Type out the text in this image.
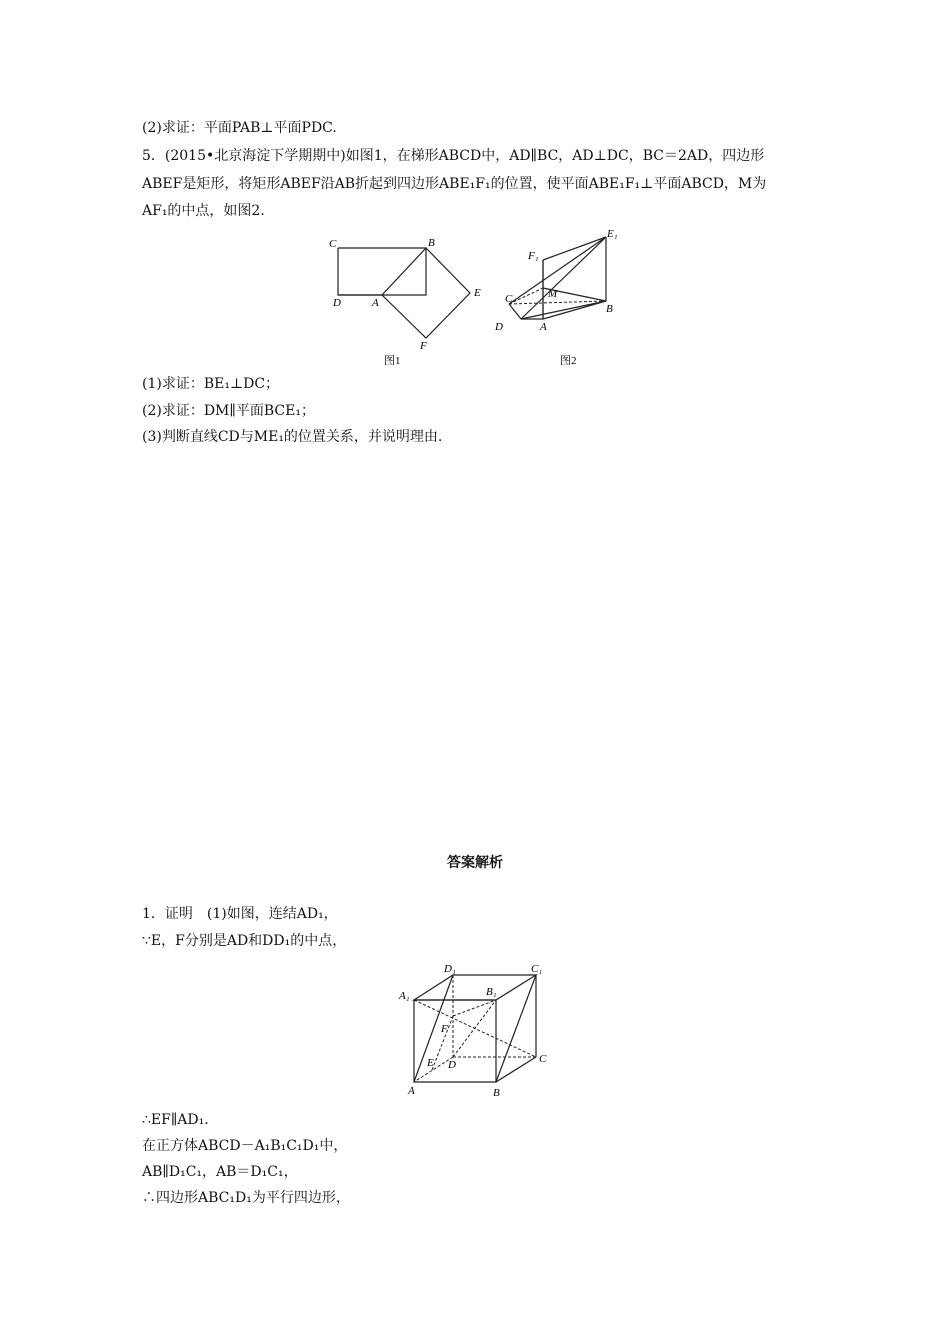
(2)求证：平面PAB⊥平面PDC.
5．(2015•北京海淀下学期期中)如图1，在梯形ABCD中，AD∥BC，AD⊥DC，BC＝2AD，四边形
ABEF是矩形，将矩形ABEF沿AB折起到四边形ABE₁F₁的位置，使平面ABE₁F₁⊥平面ABCD，M为
AF₁的中点，如图2.
C	B
D	A
E
F
图1
E₁
F₁
C	M
B
D	A
图2
(1)求证：BE₁⊥DC；
(2)求证：DM∥平面BCE₁；
(3)判断直线CD与ME₁的位置关系，并说明理由.
答案解析
1．证明　(1)如图，连结AD₁，
∵E，F分别是AD和DD₁的中点，
D₁	C₁
A₁	B₁
F
E D	C
A	B
∴EF∥AD₁.
在正方体ABCD－A₁B₁C₁D₁中，
AB∥D₁C₁，AB＝D₁C₁，
∴四边形ABC₁D₁为平行四边形，
